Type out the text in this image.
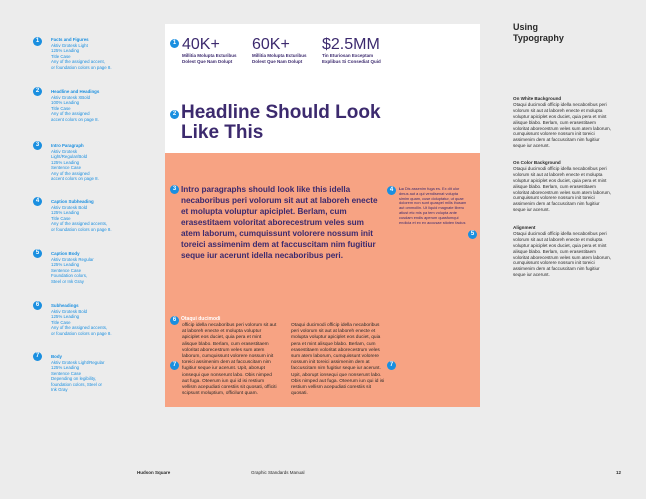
1	Facts and Figures
Aktiv Grotesk Light
125% Leading
Title Case
Any of the assigned accent,
or foundation colors on page 8.
2	Headline and Headings
Aktiv Grotesk XBold
100% Leading
Title Case
Any of the assigned
accent colors on page 8.
3	Intro Paragraph
Aktiv Grotesk
Light/Regular/Bold
125% Leading
Sentence Case
Any of the assigned
accent colors on page 8.
4	Caption Subheading
Aktiv Grotesk Bold
125% Leading
Title Case
Any of the assigned accents,
or foundation colors on page 8.
5	Caption Body
Aktiv Grotesk Regular
125% Leading
Sentence Case
Foundation colors,
Steel or Ink Gray
6	Subheadings
Aktiv Grotesk Bold
125% Leading
Title Case
Any of the assigned accents,
or foundation colors on page 8.
7	Body
Aktiv Grotesk Light/Regular
125% Leading
Sentence Case
Depending on legibility,
foundation colors, Steel or
Ink Gray
1 40K+
Millitia Molupta Ecturibus
Dolest Que Nam Dolupt
60K+
Millitia Molupta Ecturibus
Dolest Que Nam Dolupt
$2.5MM
Tin Eturiosan Exceptam
Explibus Si Consediat Quid
2 Headline Should Look Like This
3 Intro paragraphs should look like this idella necaboribus peri volorum sit aut at laboreh enecte et molupta voluptur apiciplet. Berlam, cum erasestitaem voloritat aborecestrum veles sum atem laborum, cumquissunt volorere nossum init toreici assimenim dem at faccuscitam nim fugitiur seque iur acerunt idella necaboribus peri.
4	Lo Dis assenim fuga es. Ex dit ulor dmus aut a qui vendisenat volupta simim quam, cuse doluptatur, ut quae dolorem non sunt quaspel milis ihusam aut ommollin. Ut liquid magnate liberu atiust etc mis pa tem volupta ante cusdam endis aperum quasfumqui endicia et ex ex accusae stioten facius
5
6 Otaqui ducimodi
7
officip idella necaboribus peri volorum sit aut at laboreh enecte et molupta voluptur apiciplet eos duciet, quia pera et mint alisque blabo. Berlam, cum erasestitaem voloritat aborecestrum veles sum atem laborum, cumquissunt volorere nossum init toreici assimenim dem at faccuscitam nim fugitiur seque iur acerunt. Upit, aborupt ionsequi que nonserunt labo. Obis nimped aut fuga. Oteerum iun qui id isi restium vellism acepudiati corestiis sit quosati, officiti scipsunt moluptium, officilunt quam.
Otaqui ducimodi officip idella necaboribus peri volorum sit aut at laboreh enecte et molupta voluptur apiciplet eos duciet, quia pera et mint alisque blabo. Berlam, cum erasestitaem voloritat aborecestrum veles sum atem laborum, cumquissunt volorere nossum init toreici assimenim dem at faccuscitam nim fugitiur seque iur acerunt. Upit, aborupt ionsequi que nonserunt labo. Obis nimped aut fuga. Oteerum iun qui id isi restium vellism acepudiati corestiis sit quosati.
7
Using
Typography
On White Background
Otaqui ducimodi officip idella necaboribus peri volorum sit aut at laboreh enecte et molupta voluptur apiciplet eos duciet, quia pera et mint alisque blabo. Berlam, cum erasestitaem voloritat aborecestrum veles sum atem laborum, cumquissunt volorere nossum init toreici assimenim dem at faccuscitam nim fugitiur seque iur acerunt.
On Color Background
Otaqui ducimodi officip idella necaboribus peri volorum sit aut at laboreh enecte et molupta voluptur apiciplet eos duciet, quia pera et mint alisque blabo. Berlam, cum erasestitaem voloritat aborecestrum veles sum atem laborum, cumquissunt volorere nossum init toreici assimenim dem at faccuscitam nim fugitiur seque iur acerunt.
Alignment
Otaqui ducimodi officip idella necaboribus peri volorum sit aut at laboreh enecte et molupta voluptur apiciplet eos duciet, quia pera et mint alisque blabo. Berlam, cum erasestitaem voloritat aborecestrum veles sum atem laborum, cumquissunt volorere nossum init toreici assimenim dem at faccuscitam nim fugitiur seque iur acerunt.
Hudson Square	Graphic Standards Manual	12
